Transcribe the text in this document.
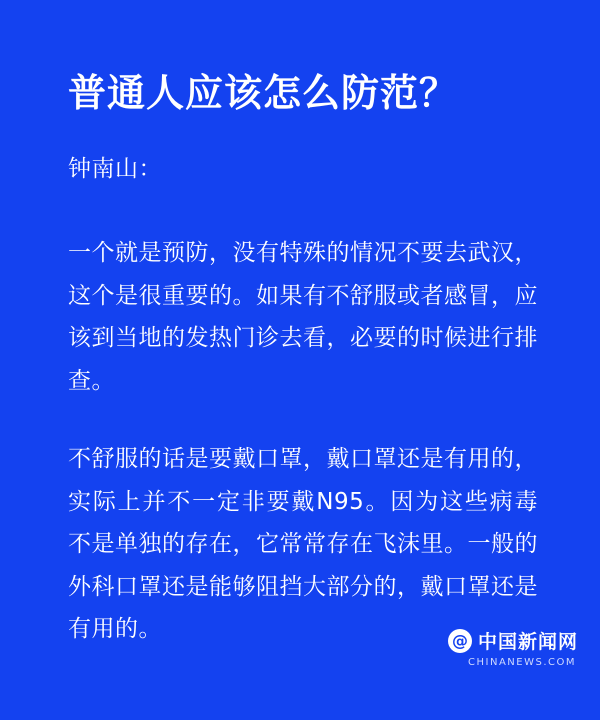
普通人应该怎么防范？
钟南山：

一个就是预防，没有特殊的情况不要去武汉，这个是很重要的。如果有不舒服或者感冒，应该到当地的发热门诊去看，必要的时候进行排查。

不舒服的话是要戴口罩，戴口罩还是有用的，实际上并不一定非要戴N95。因为这些病毒不是单独的存在，它常常存在飞沫里。一般的外科口罩还是能够阻挡大部分的，戴口罩还是有用的。	@ 中国新闻网
CHINANEWS.COM
